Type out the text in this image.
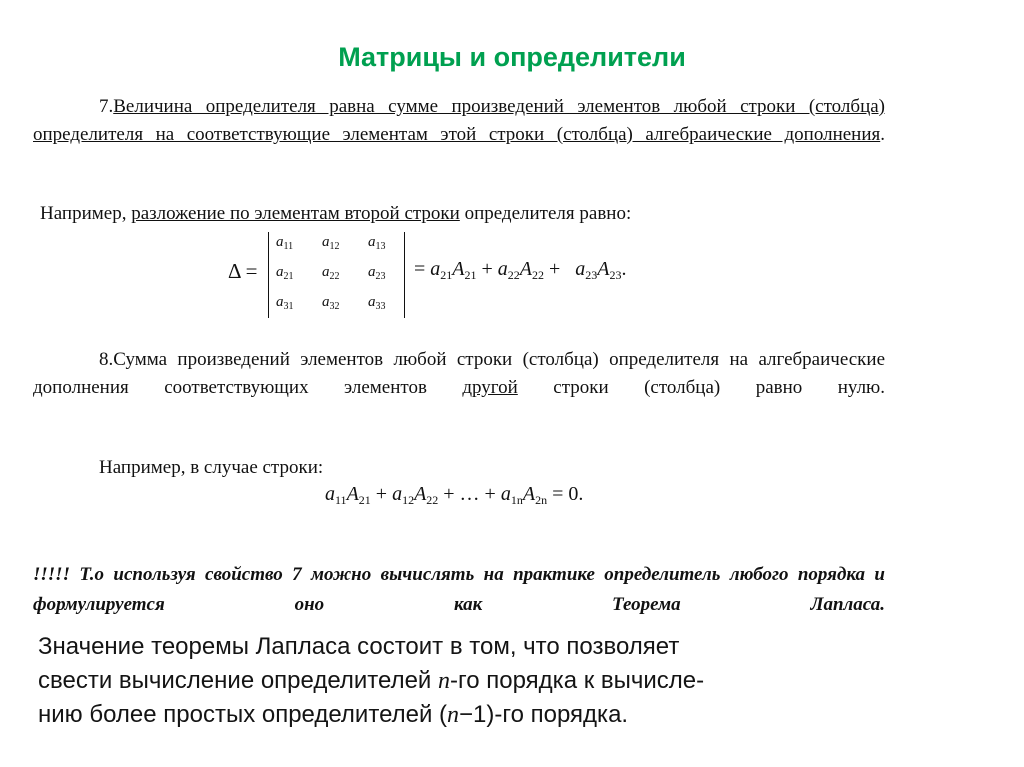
Матрицы и определители

7.Величина определителя равна сумме произведений элементов любой строки (столбца) определителя на соответствующие элементам этой строки (столбца) алгебраические дополнения.

Например, разложение по элементам второй строки определителя равно:
Δ =
$a_{11}$ $a_{12}$ $a_{13}$
$a_{21}$ $a_{22}$ $a_{23}$
$a_{31}$ $a_{32}$ $a_{33}$
= $a_{21}A_{21} + a_{22}A_{22} + a_{23}A_{23}$.

8.Сумма произведений элементов любой строки (столбца) определителя на алгебраические дополнения соответствующих элементов другой строки (столбца) равно нулю.

Например, в случае строки:
$a_{11}A_{21} + a_{12}A_{22}$ + … + $a_{1n}A_{2n} = 0$.

!!!!! Т.о используя свойство 7 можно вычислять на практике определитель любого порядка и формулируется оно как Теорема Лапласа.

Значение теоремы Лапласа состоит в том, что позволяет
свести вычисление определителей n-го порядка к вычисле-
нию более простых определителей (n−1)-го порядка.
